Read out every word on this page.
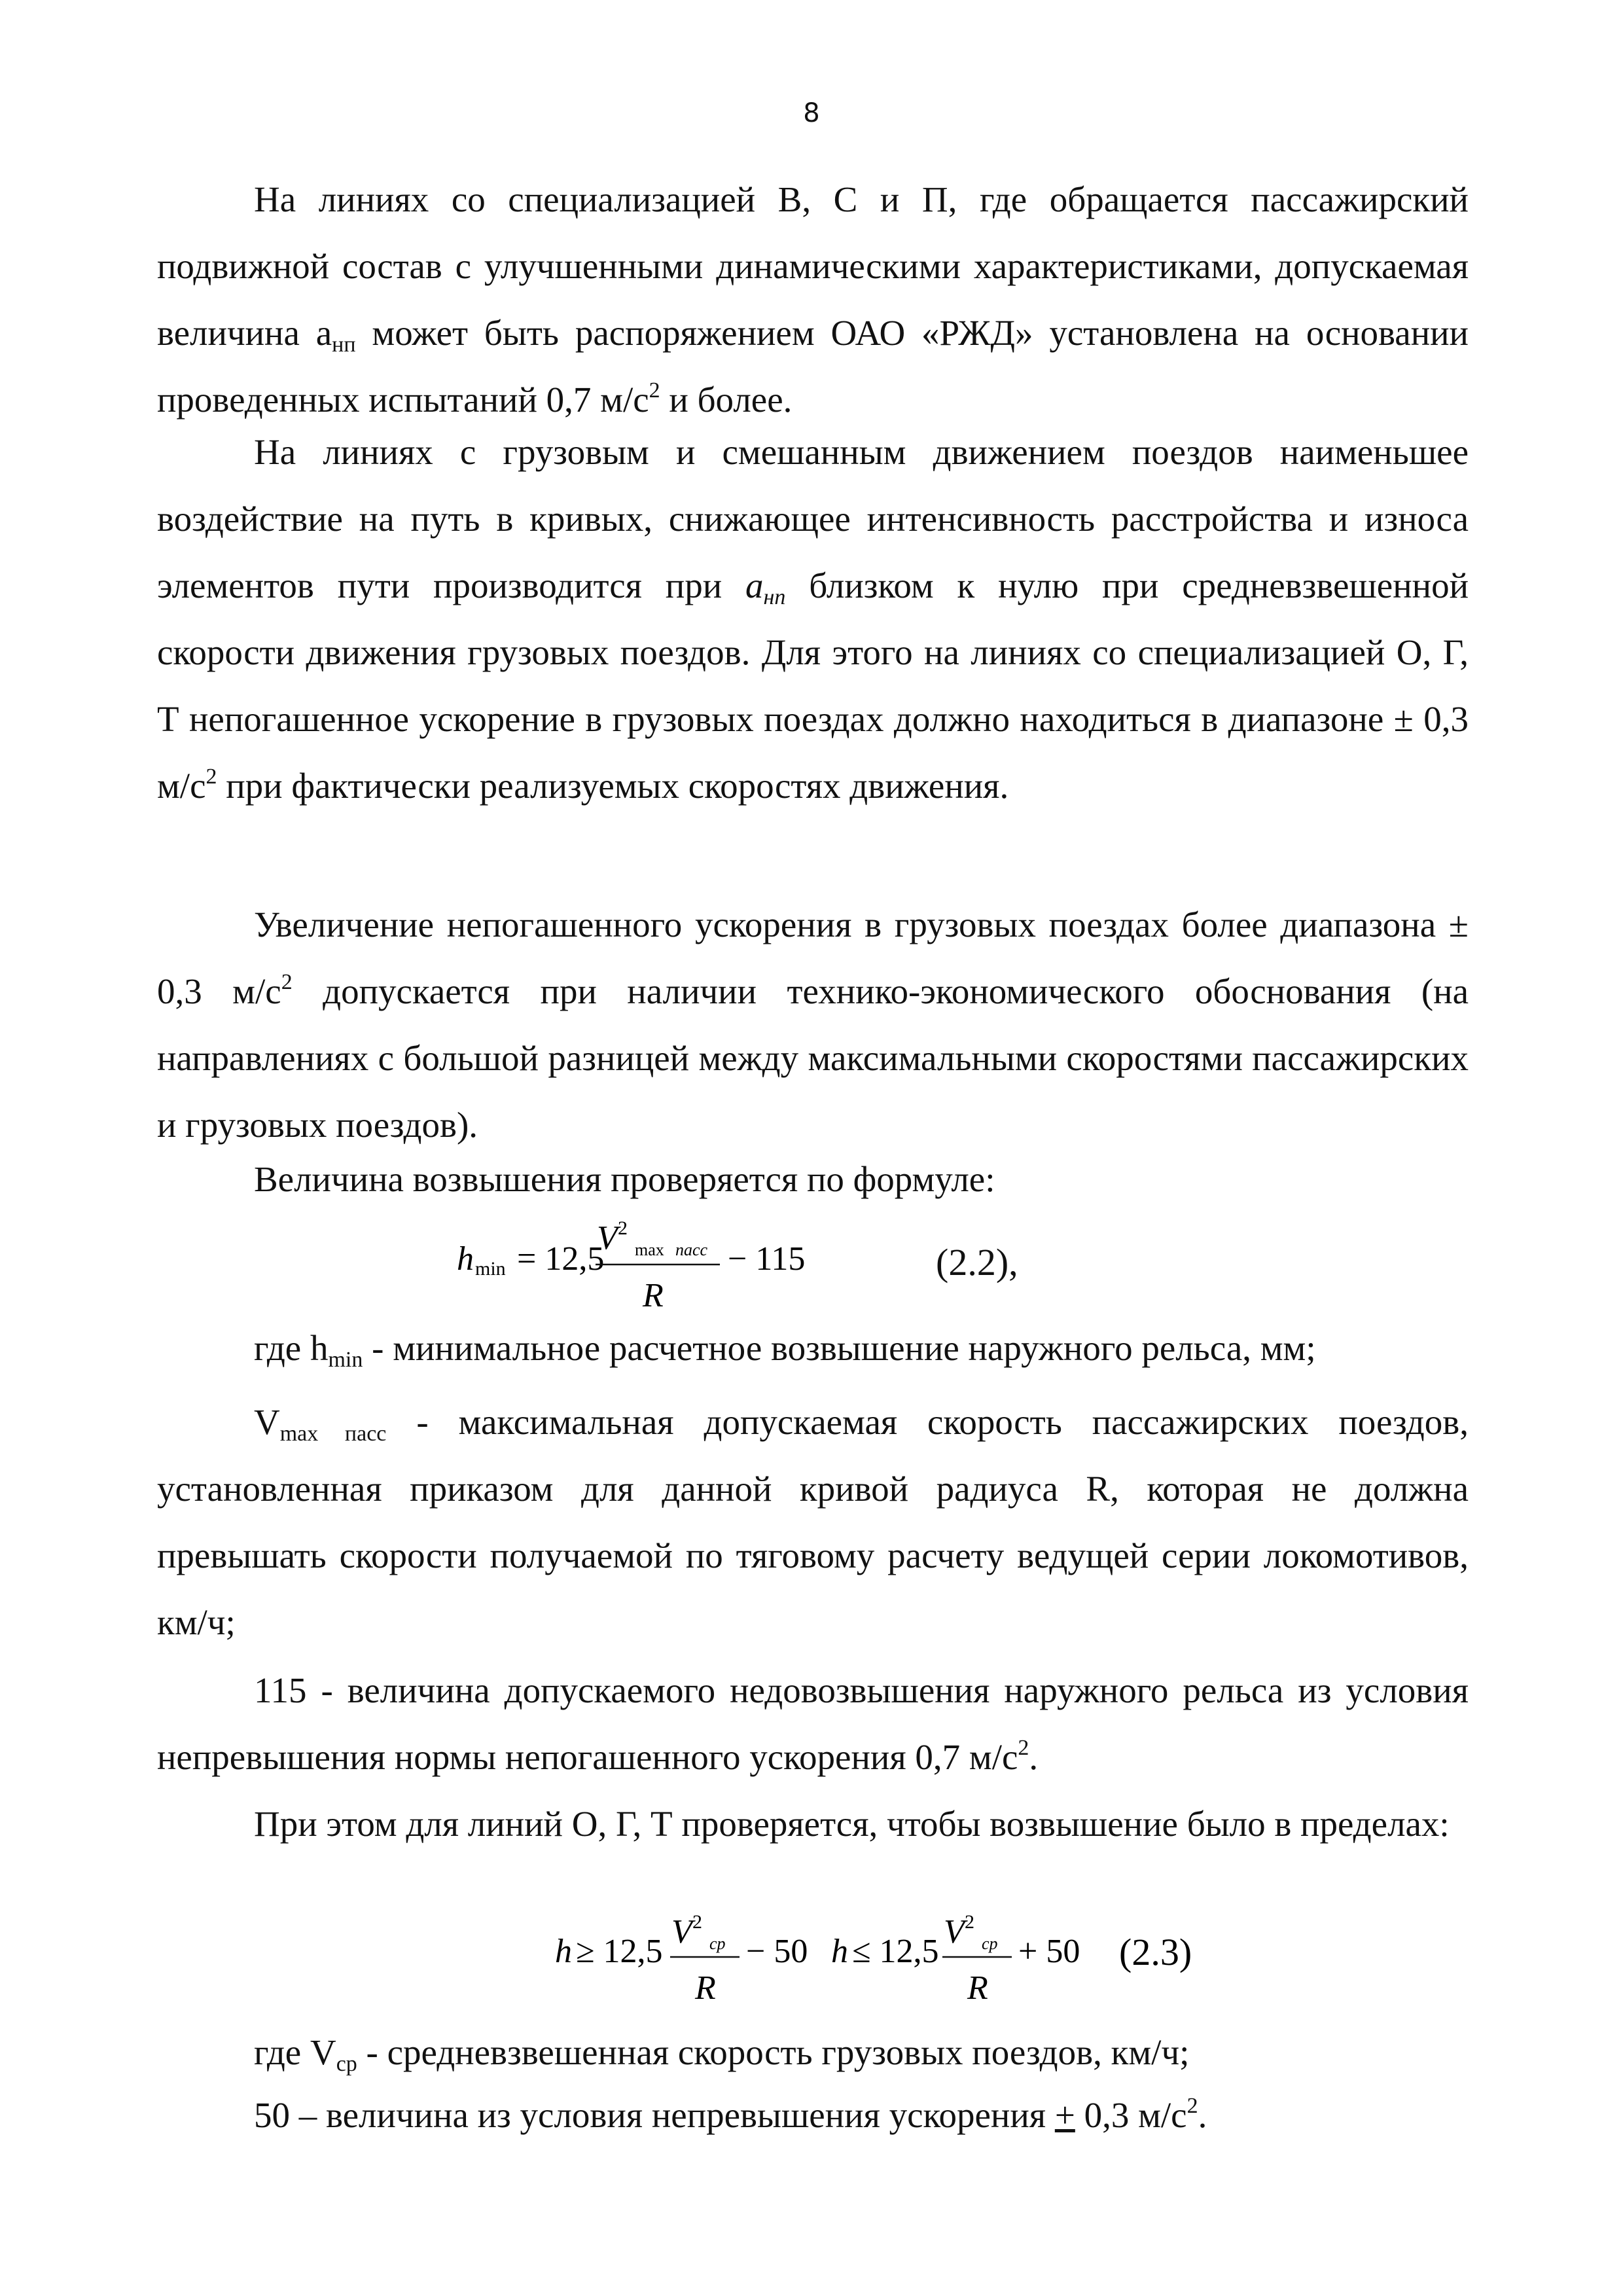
8

На линиях со специализацией В, С и П, где обращается пассажирский подвижной состав с улучшенными динамическими характеристиками, допускаемая величина $а_{нп}$ может быть распоряжением ОАО «РЖД» установлена на основании проведенных испытаний 0,7 $м/с^2$ и более.

На линиях с грузовым и смешанным движением поездов наименьшее воздействие на путь в кривых, снижающее интенсивность расстройства и износа элементов пути производится при $a_{нп}$ близком к нулю при средневзвешенной скорости движения грузовых поездов. Для этого на линиях со специализацией О, Г, Т непогашенное ускорение в грузовых поездах должно находиться в диапазоне ± 0,3 $м/с^2$ при фактически реализуемых скоростях движения.

Увеличение непогашенного ускорения в грузовых поездах более диапазона ± 0,3 $м/с^2$ допускается при наличии технико-экономического обоснования (на направлениях с большой разницей между максимальными скоростями пассажирских и грузовых поездов).

Величина возвышения проверяется по формуле:
h min = 12,5
V 2
max пасс
R
− 115	(2.2),
где $h_{min}$ - минимальное расчетное возвышение наружного рельса, мм;

$V_{max пасс}$ - максимальная допускаемая скорость пассажирских поездов, установленная приказом для данной кривой радиуса R, которая не должна превышать скорости получаемой по тяговому расчету ведущей серии локомотивов, км/ч;

115 - величина допускаемого недовозвышения наружного рельса из условия непревышения нормы непогашенного ускорения 0,7 $м/с^2$.

При этом для линий О, Г, Т проверяется, чтобы возвышение было в пределах:

h ≥ 12,5
V 2
cp
R
− 50 h ≤ 12,5
V 2
cp
R
+ 50 (2.3)
где $V_{ср}$ - средневзвешенная скорость грузовых поездов, км/ч;
50 – величина из условия непревышения ускорения + 0,3 $м/с^2$.
